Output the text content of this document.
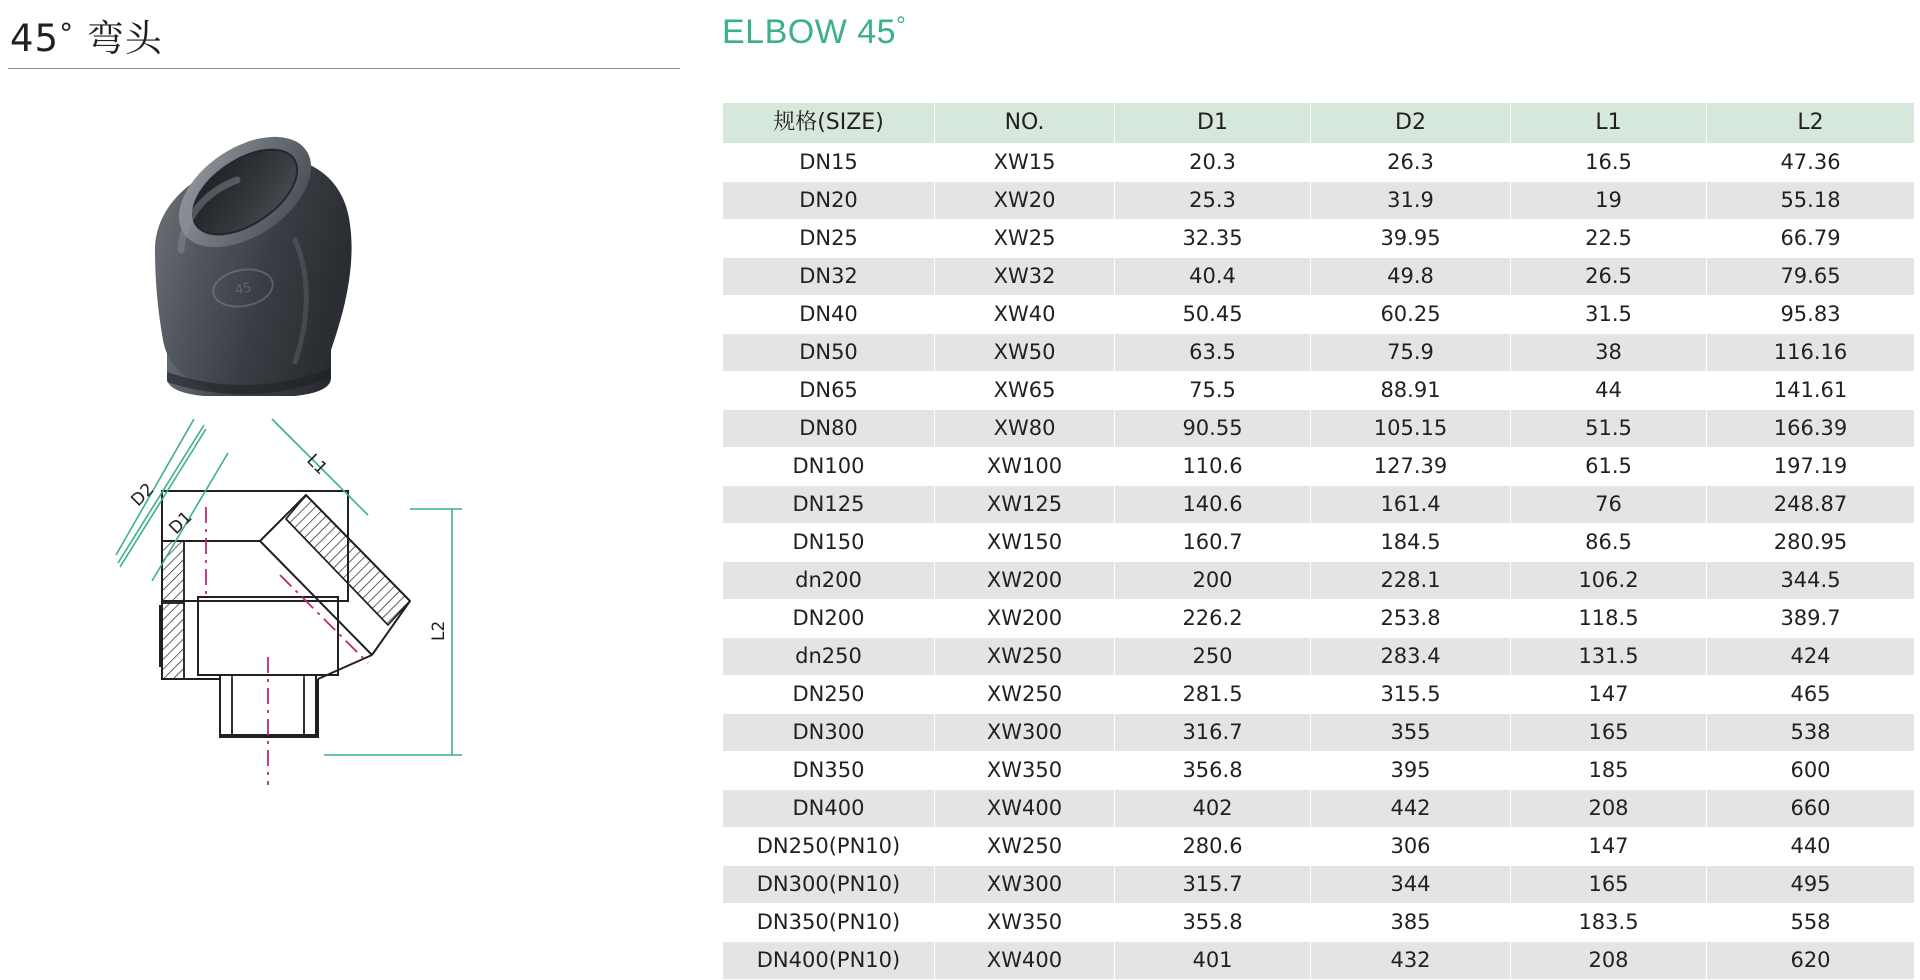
45° 弯头
45
D2
D1
L1
L2
ELBOW 45°
规格(SIZE)	NO.	D1	D2	L1	L2
DN15	XW15	20.3	26.3	16.5	47.36
DN20	XW20	25.3	31.9	19	55.18
DN25	XW25	32.35	39.95	22.5	66.79
DN32	XW32	40.4	49.8	26.5	79.65
DN40	XW40	50.45	60.25	31.5	95.83
DN50	XW50	63.5	75.9	38	116.16
DN65	XW65	75.5	88.91	44	141.61
DN80	XW80	90.55	105.15	51.5	166.39
DN100	XW100	110.6	127.39	61.5	197.19
DN125	XW125	140.6	161.4	76	248.87
DN150	XW150	160.7	184.5	86.5	280.95
dn200	XW200	200	228.1	106.2	344.5
DN200	XW200	226.2	253.8	118.5	389.7
dn250	XW250	250	283.4	131.5	424
DN250	XW250	281.5	315.5	147	465
DN300	XW300	316.7	355	165	538
DN350	XW350	356.8	395	185	600
DN400	XW400	402	442	208	660
DN250(PN10)	XW250	280.6	306	147	440
DN300(PN10)	XW300	315.7	344	165	495
DN350(PN10)	XW350	355.8	385	183.5	558
DN400(PN10)	XW400	401	432	208	620
